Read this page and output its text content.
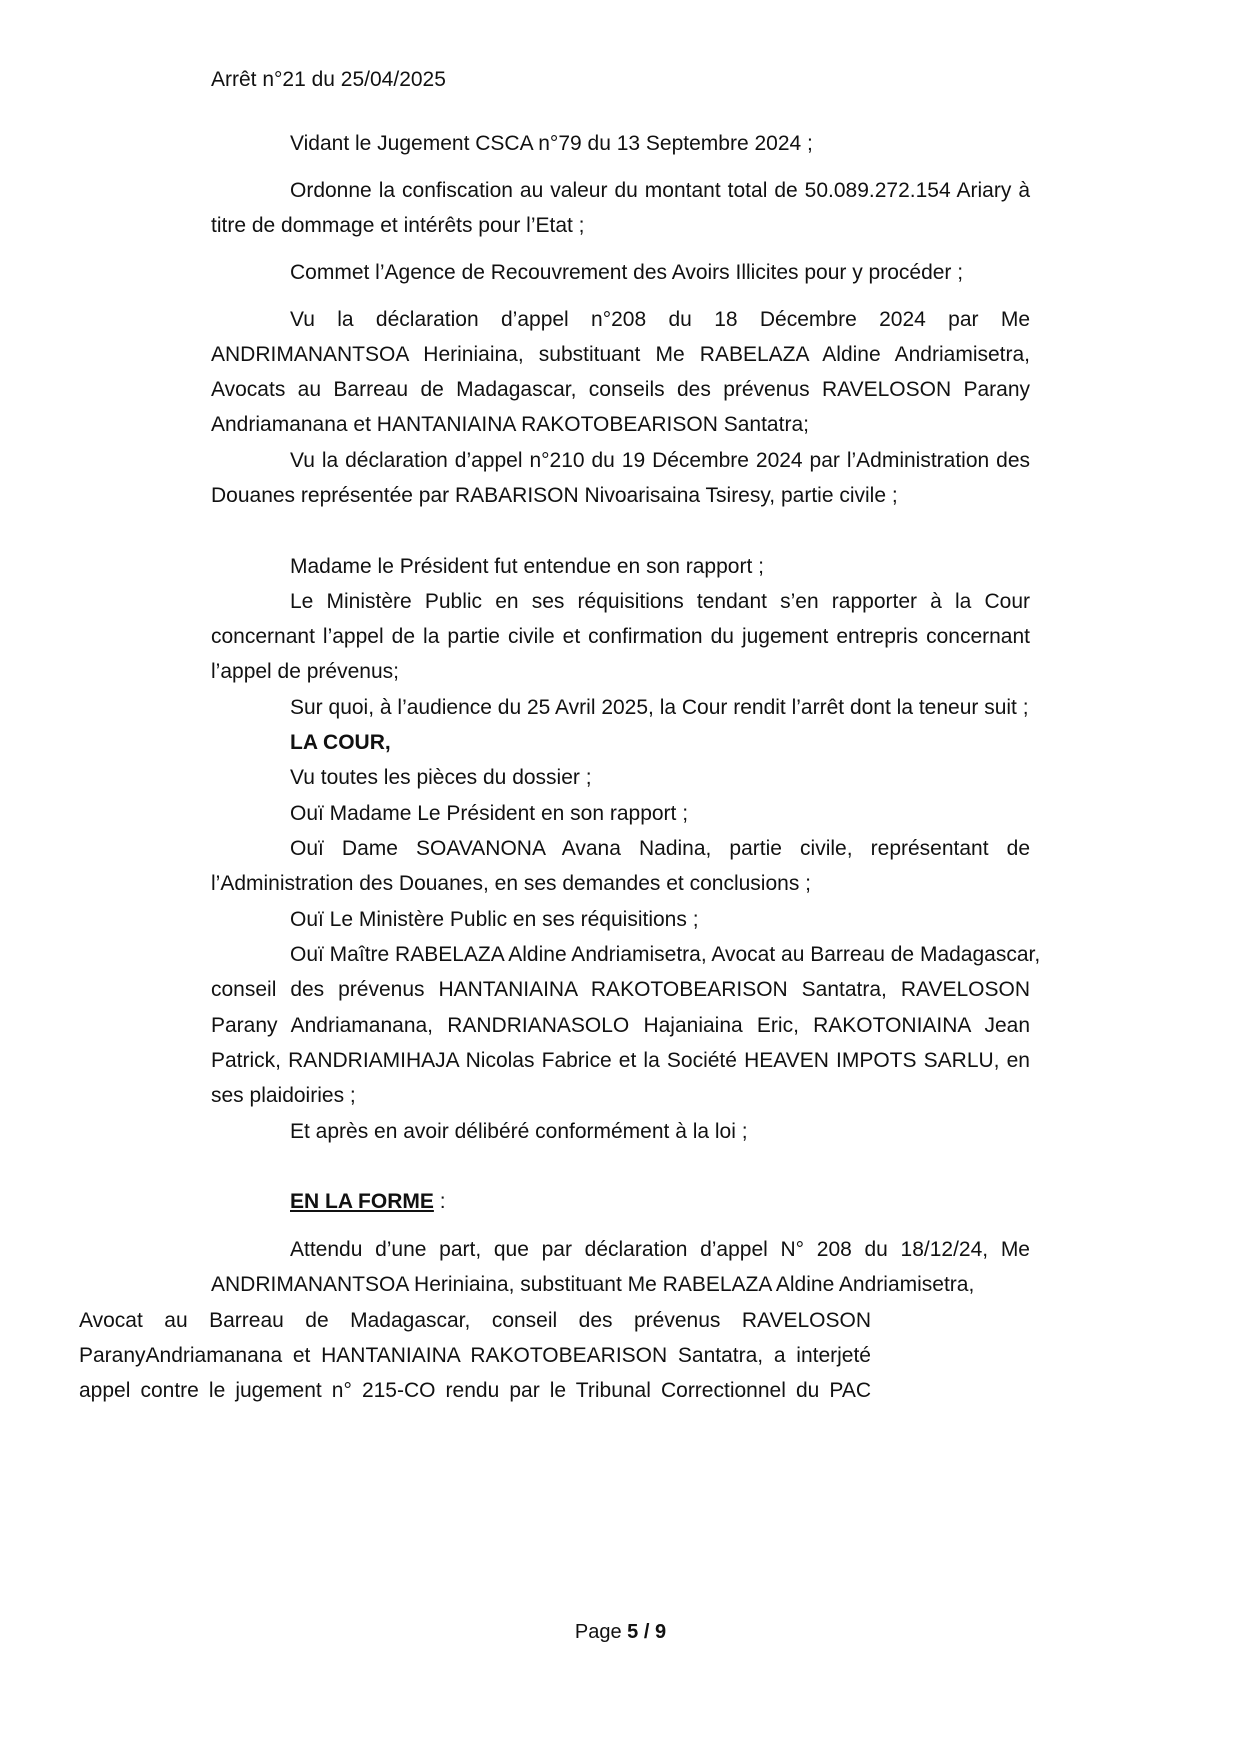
Arrêt n°21 du 25/04/2025
Vidant le Jugement CSCA n°79 du 13 Septembre 2024 ;
Ordonne la confiscation au valeur du montant total de 50.089.272.154 Ariary à
titre de dommage et intérêts pour l’Etat ;
Commet l’Agence de Recouvrement des Avoirs Illicites pour y procéder ;
Vu la déclaration d’appel n°208 du 18 Décembre 2024 par Me
ANDRIMANANTSOA Heriniaina, substituant Me RABELAZA Aldine Andriamisetra,
Avocats au Barreau de Madagascar, conseils des prévenus RAVELOSON Parany
Andriamanana et HANTANIAINA RAKOTOBEARISON Santatra;
Vu la déclaration d’appel n°210 du 19 Décembre 2024 par l’Administration des
Douanes représentée par RABARISON Nivoarisaina Tsiresy, partie civile ;
Madame le Président fut entendue en son rapport ;
Le Ministère Public en ses réquisitions tendant s’en rapporter à la Cour
concernant l’appel de la partie civile et confirmation du jugement entrepris concernant
l’appel de prévenus;
Sur quoi, à l’audience du 25 Avril 2025, la Cour rendit l’arrêt dont la teneur suit ;
LA COUR,
Vu toutes les pièces du dossier ;
Ouï Madame Le Président en son rapport ;
Ouï Dame SOAVANONA Avana Nadina, partie civile, représentant de
l’Administration des Douanes, en ses demandes et conclusions ;
Ouï Le Ministère Public en ses réquisitions ;
Ouï Maître RABELAZA Aldine Andriamisetra, Avocat au Barreau de Madagascar,
conseil des prévenus HANTANIAINA RAKOTOBEARISON Santatra, RAVELOSON
Parany Andriamanana, RANDRIANASOLO Hajaniaina Eric, RAKOTONIAINA Jean
Patrick, RANDRIAMIHAJA Nicolas Fabrice et la Société HEAVEN IMPOTS SARLU, en
ses plaidoiries ;
Et après en avoir délibéré conformément à la loi ;
EN LA FORME :
Attendu d’une part, que par déclaration d’appel N° 208 du 18/12/24, Me
ANDRIMANANTSOA Heriniaina, substituant Me RABELAZA Aldine Andriamisetra,
Avocat au Barreau de Madagascar, conseil des prévenus RAVELOSON
ParanyAndriamanana et HANTANIAINA RAKOTOBEARISON Santatra, a interjeté
appel contre le jugement n° 215-CO rendu par le Tribunal Correctionnel du PAC
Page 5 / 9
